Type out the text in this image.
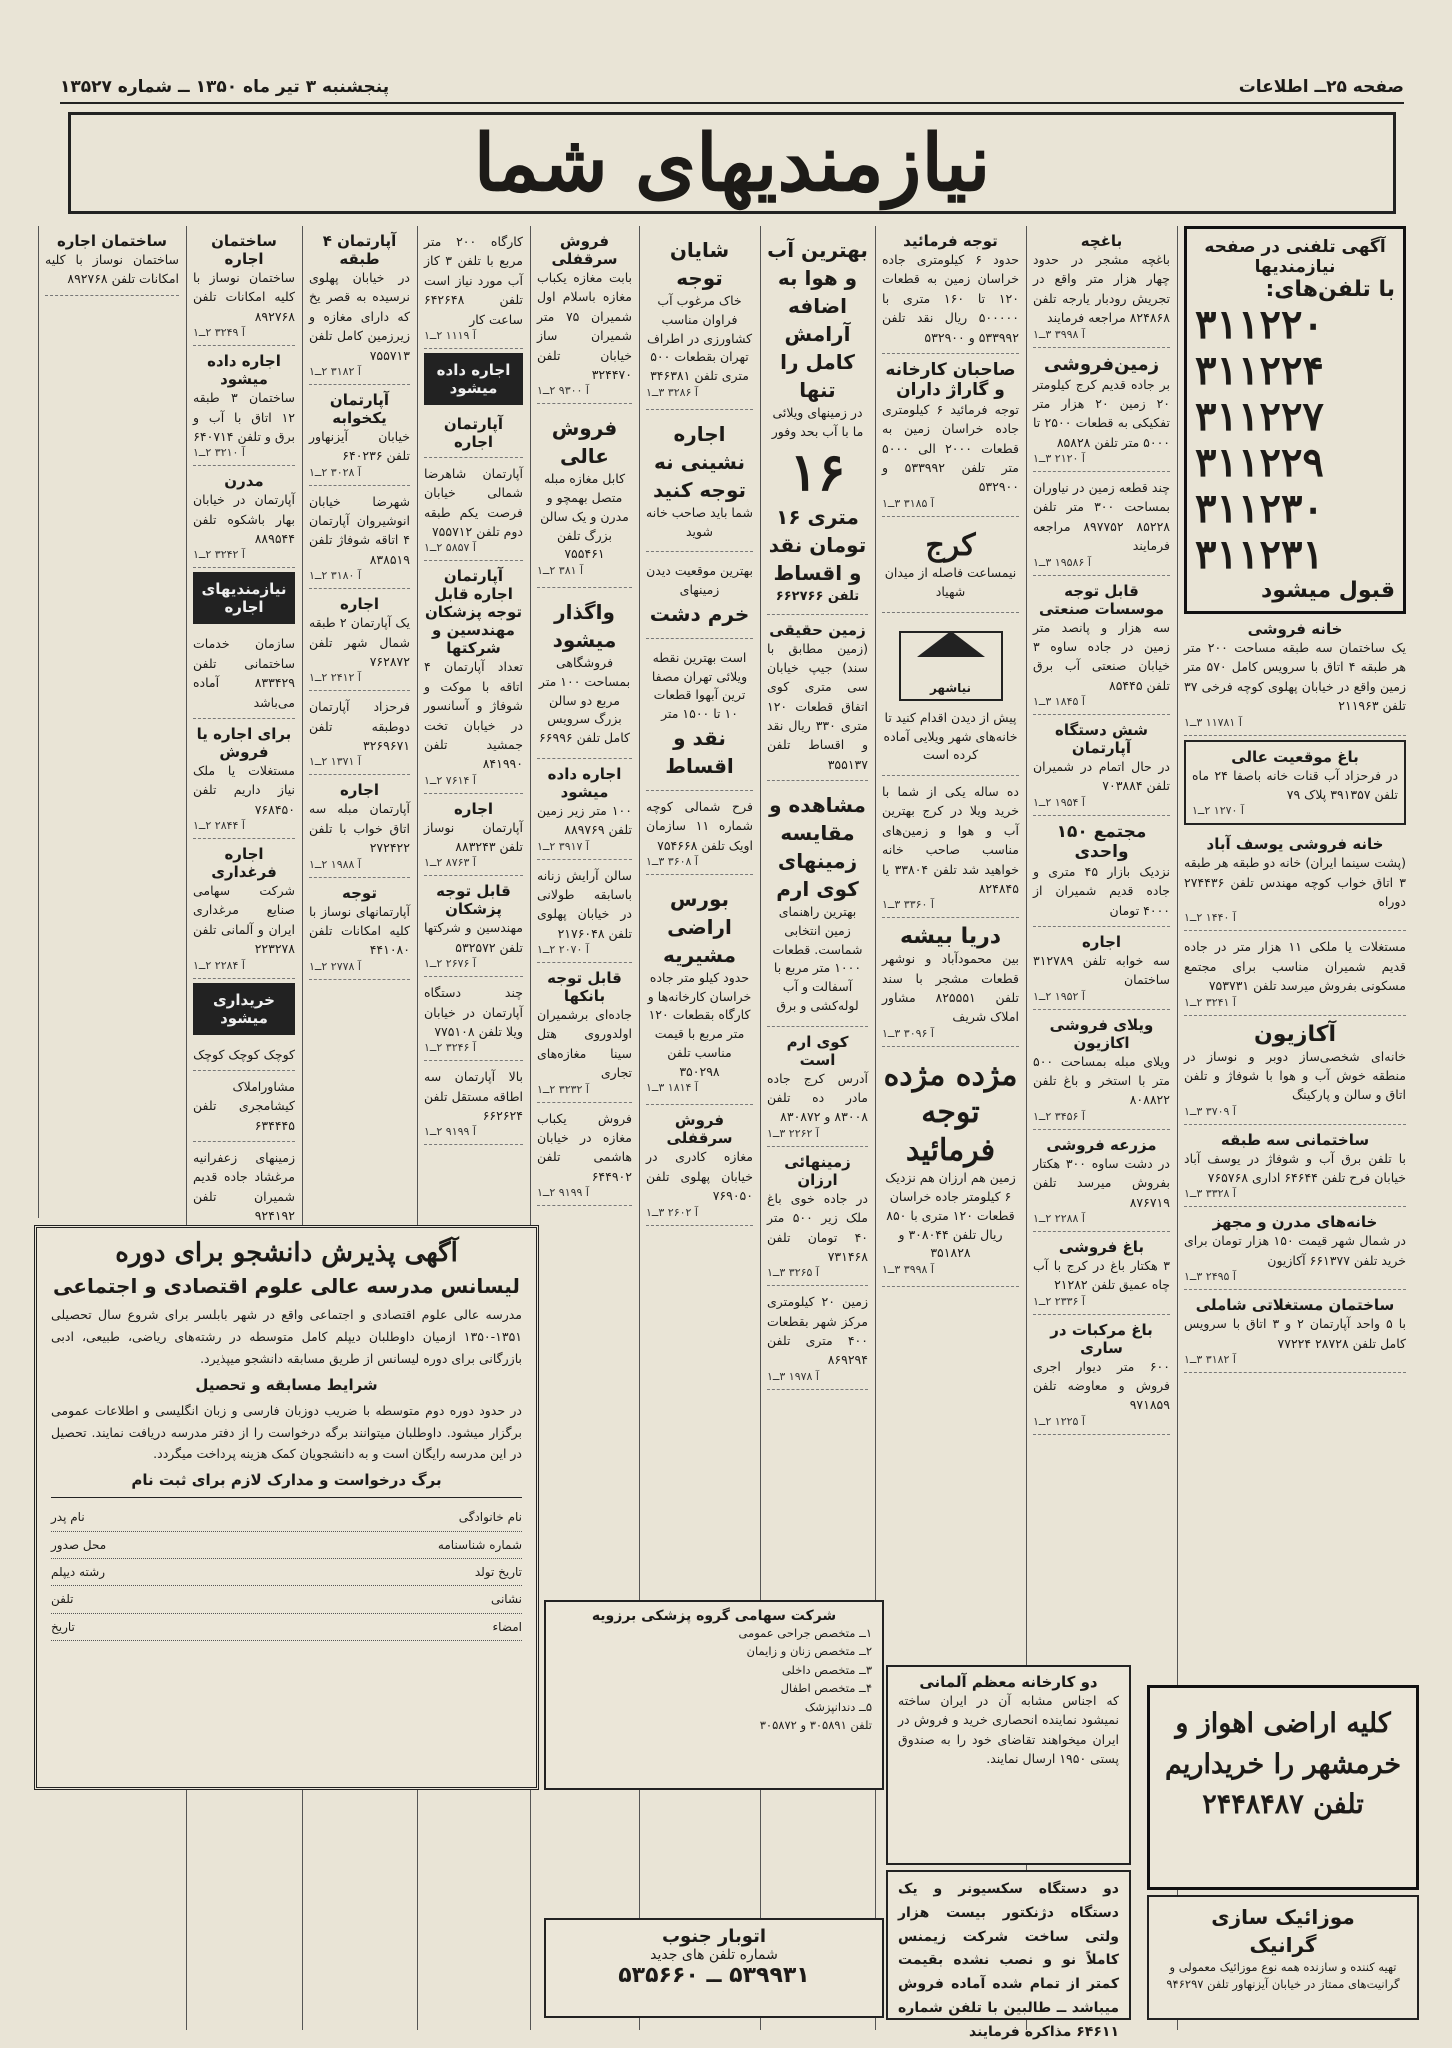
صفحه ۲۵ــ اطلاعات
پنجشنبه ۳ تیر ماه ۱۳۵۰ ــ شماره ۱۳۵۲۷
نیازمندیهای شما
آگهی تلفنی در صفحه نیازمندیها
با تلفن‌های:
۳۱۱۲۲۰
۳۱۱۲۲۴
۳۱۱۲۲۷
۳۱۱۲۲۹
۳۱۱۲۳۰
۳۱۱۲۳۱
قبول میشود
خانه فروشی
یک ساختمان سه طبقه مساحت ۲۰۰ متر هر طبقه ۴ اتاق با سرویس کامل ۵۷۰ متر زمین واقع در خیابان پهلوی کوچه فرخی ۳۷ تلفن ۲۱۱۹۶۳
آ ۱۱۷۸۱ ۳ــ۱
باغ موقعیت عالی
در فرحزاد آب قنات خانه باصفا ۲۴ ماه تلفن ۳۹۱۳۵۷ پلاک ۷۹
آ ۱۲۷۰ ۲ــ۱
خانه فروشی یوسف آباد
(پشت سینما ایران) خانه دو طبقه هر طبقه ۳ اتاق خواب کوچه مهندس تلفن ۲۷۴۴۳۶ دوراه
آ ۱۴۴۰ ۲ــ۱
مستغلات یا ملکی ۱۱ هزار متر در جاده قدیم شمیران مناسب برای مجتمع مسکونی بفروش میرسد تلفن ۷۵۳۷۳۱
آ ۳۲۴۱ ۲ــ۱
آکازیون
خانه‌ای شخصی‌ساز دوبر و نوساز در منطقه خوش آب و هوا با شوفاژ و تلفن اتاق و سالن و پارکینگ
آ ۳۷۰۹ ۳ــ۱
ساختمانی سه طبقه
با تلفن برق آب و شوفاژ در یوسف آباد خیابان فرح تلفن ۶۴۶۴۴ اداری ۷۶۵۷۶۸
آ ۳۳۲۸ ۳ــ۱
خانه‌های مدرن و مجهز
در شمال شهر قیمت ۱۵۰ هزار تومان برای خرید تلفن ۶۶۱۳۷۷ آکازیون
آ ۲۴۹۵ ۳ــ۱
ساختمان مستغلاتی شاملی
با ۵ واحد آپارتمان ۲ و ۳ اتاق با سرویس کامل تلفن ۲۸۷۲۸ ۷۷۲۲۴
آ ۳۱۸۲ ۳ــ۱
باغچه
باغچه مشجر در حدود چهار هزار متر واقع در تجریش رودبار یارجه تلفن ۸۲۴۸۶۸ مراجعه فرمایند
آ ۳۹۹۸ ۳ــ۱
زمین‌فروشی
بر جاده قدیم کرج کیلومتر ۲۰ زمین ۲۰ هزار متر تفکیکی به قطعات ۲۵۰۰ تا ۵۰۰۰ متر تلفن ۸۵۸۲۸
آ ۲۱۲۰ ۳ــ۱
چند قطعه زمین در نیاوران بمساحت ۳۰۰ متر تلفن ۸۵۲۲۸ ۸۹۷۷۵۲ مراجعه فرمایند
آ ۱۹۵۸۶ ۳ــ۱
قابل توجه موسسات صنعتی
سه هزار و پانصد متر زمین در جاده ساوه ۳ خیابان صنعتی آب برق تلفن ۸۵۴۴۵
آ ۱۸۴۵ ۳ــ۱
شش دستگاه آپارتمان
در حال اتمام در شمیران تلفن ۷۰۳۸۸۴
آ ۱۹۵۴ ۲ــ۱
مجتمع ۱۵۰ واحدی
نزدیک بازار ۴۵ متری و جاده قدیم شمیران از ۴۰۰۰ تومان
اجاره
سه خوابه تلفن ۳۱۲۷۸۹ ساختمان
آ ۱۹۵۲ ۲ــ۱
ویلای فروشی اکازیون
ویلای مبله بمساحت ۵۰۰ متر با استخر و باغ تلفن ۸۰۸۸۲۲
آ ۳۴۵۶ ۲ــ۱
مزرعه فروشی
در دشت ساوه ۳۰۰ هکتار بفروش میرسد تلفن ۸۷۶۷۱۹
آ ۲۲۸۸ ۲ــ۱
باغ فروشی
۳ هکتار باغ در کرج با آب چاه عمیق تلفن ۲۱۲۸۲
آ ۲۳۳۶ ۲ــ۱
باغ مرکبات در ساری
۶۰۰ متر دیوار اجری فروش و معاوضه تلفن ۹۷۱۸۵۹
آ ۱۲۲۵ ۲ــ۱
توجه فرمائید
حدود ۶ کیلومتری جاده خراسان زمین به قطعات ۱۲۰ تا ۱۶۰ متری با ۵۰۰۰۰۰ ریال نقد تلفن ۵۳۳۹۹۲ و ۵۳۲۹۰۰
صاحبان کارخانه و گاراژ داران
توجه فرمائید ۶ کیلومتری جاده خراسان زمین به قطعات ۲۰۰۰ الی ۵۰۰۰ متر تلفن ۵۳۳۹۹۲ و ۵۳۲۹۰۰
آ ۳۱۸۵ ۳ــ۱
کرج
نیمساعت فاصله از میدان شهیاد
نیاشهر
پیش از دیدن اقدام کنید تا خانه‌های شهر ویلایی آماده کرده است
ده ساله یکی از شما با خرید ویلا در کرج بهترین آب و هوا و زمین‌های مناسب صاحب خانه خواهید شد تلفن ۳۳۸۰۴ یا ۸۲۴۸۴۵
آ ۳۳۶۰ ۳ــ۱
دریا بیشه
بین محمودآباد و نوشهر قطعات مشجر با سند تلفن ۸۲۵۵۵۱ مشاور املاک شریف
آ ۳۰۹۶ ۳ــ۱
مژده مژده توجه فرمائید
زمین هم ارزان هم نزدیک ۶ کیلومتر جاده خراسان قطعات ۱۲۰ متری با ۸۵۰ ریال تلفن ۳۰۸۰۴۴ و ۳۵۱۸۲۸
آ ۳۹۹۸ ۳ــ۱
بهترین آب و هوا به اضافه آرامش کامل را تنها
در زمینهای ویلائی ما با آب بحد وفور
۱۶
متری ۱۶ تومان نقد و اقساط
تلفن ۶۶۲۷۶۶
زمین حقیقی
(زمین مطابق با سند) جیپ خیابان سی متری کوی اتفاق قطعات ۱۲۰ متری ۳۳۰ ریال نقد و اقساط تلفن ۳۵۵۱۳۷
مشاهده و مقایسه زمینهای کوی ارم
بهترین راهنمای زمین انتخابی شماست. قطعات ۱۰۰۰ متر مربع با آسفالت و آب لوله‌کشی و برق
کوی ارم است
آدرس کرج جاده مادر ده تلفن ۸۳۰۰۸ و ۸۳۰۸۷۲
آ ۲۲۶۲ ۳ــ۱
زمینهائی ارزان
در جاده خوی باغ ملک زیر ۵۰۰ متر ۴۰ تومان تلفن ۷۳۱۴۶۸
آ ۳۲۶۵ ۳ــ۱
زمین ۲۰ کیلومتری مرکز شهر بقطعات ۴۰۰ متری تلفن ۸۶۹۲۹۴
آ ۱۹۷۸ ۳ــ۱
شایان توجه
خاک مرغوب آب فراوان مناسب کشاورزی در اطراف تهران بقطعات ۵۰۰ متری تلفن ۳۴۶۳۸۱
آ ۳۲۸۶ ۳ــ۱
اجاره نشینی نه توجه کنید
شما باید صاحب خانه شوید
بهترین موقعیت دیدن زمینهای
خرم دشت
است بهترین نقطه ویلائی تهران مصفا ترین آبهوا قطعات ۱۰ تا ۱۵۰۰ متر
نقد و اقساط
فرح شمالی کوچه شماره ۱۱ سازمان اویک تلفن ۷۵۴۶۶۸
آ ۳۶۰۸ ۳ــ۱
بورس اراضی مشیریه
حدود کیلو متر جاده خراسان کارخانه‌ها و کارگاه بقطعات ۱۲۰ متر مربع با قیمت مناسب تلفن ۳۵۰۲۹۸
آ ۱۸۱۴ ۳ــ۱
فروش سرقفلی
مغازه کادری در خیابان پهلوی تلفن ۷۶۹۰۵۰
آ ۲۶۰۲ ۳ــ۱
فروش سرقفلی
بابت مغازه یکباب مغازه باسلام اول شمیران ۷۵ متر شمیران ساز خیابان تلفن ۳۲۴۴۷۰
آ ۹۳۰۰ ۲ــ۱
فروش عالی
کابل مغازه مبله متصل بهمچو و مدرن و یک سالن بزرگ تلفن ۷۵۵۴۶۱
آ ۳۸۱ ۲ــ۱
واگذار میشود
فروشگاهی بمساحت ۱۰۰ متر مربع دو سالن بزرگ سرویس کامل تلفن ۶۶۹۹۶
اجاره داده میشود
۱۰۰ متر زیر زمین تلفن ۸۸۹۷۶۹
آ ۳۹۱۷ ۲ــ۱
سالن آرایش زنانه باسابقه طولانی در خیابان پهلوی تلفن ۲۱۷۶۰۴۸
آ ۲۰۷۰ ۲ــ۱
قابل توجه بانکها
جاده‌ای برشمیران اولدوروی هتل سینا مغازه‌های تجاری
آ ۳۲۳۲ ۲ــ۱
فروش یکباب مغازه در خیابان هاشمی تلفن ۶۴۴۹۰۲
آ ۹۱۹۹ ۲ــ۱
کارگاه ۲۰۰ متر مربع با تلفن ۳ کاز آب مورد نیاز است تلفن ۶۴۲۶۴۸ ساعت کار
آ ۱۱۱۹ ۲ــ۱
اجاره داده میشود
آپارتمان اجاره
آپارتمان شاهرضا شمالی خیابان فرصت یکم طبقه دوم تلفن ۷۵۵۷۱۲
آ ۵۸۵۷ ۲ــ۱
آپارتمان اجاره قابل توجه پزشکان مهندسین و شرکتها
تعداد آپارتمان ۴ اتاقه با موکت و شوفاژ و آسانسور در خیابان تخت جمشید تلفن ۸۴۱۹۹۰
آ ۷۶۱۴ ۲ــ۱
اجاره
آپارتمان نوساز تلفن ۸۸۳۲۴۳
آ ۸۷۶۳ ۲ــ۱
قابل توجه پزشکان
مهندسین و شرکتها تلفن ۵۳۲۵۷۲
آ ۲۶۷۶ ۲ــ۱
چند دستگاه آپارتمان در خیابان ویلا تلفن ۷۷۵۱۰۸
آ ۳۲۴۶ ۲ــ۱
بالا آپارتمان سه اطاقه مستقل تلفن ۶۶۲۶۲۴
آ ۹۱۹۹ ۲ــ۱
آپارتمان ۴ طبقه
در خیابان پهلوی نرسیده به قصر یخ که دارای مغازه و زیرزمین کامل تلفن ۷۵۵۷۱۳
آ ۳۱۸۲ ۲ــ۱
آپارتمان یکخوابه
خیابان آیزنهاور تلفن ۶۴۰۲۳۶
آ ۳۰۲۸ ۲ــ۱
شهرضا خیابان انوشیروان آپارتمان ۴ اتاقه شوفاژ تلفن ۸۳۸۵۱۹
آ ۳۱۸۰ ۲ــ۱
اجاره
یک آپارتمان ۲ طبقه شمال شهر تلفن ۷۶۲۸۷۲
آ ۲۴۱۲ ۲ــ۱
فرحزاد آپارتمان دوطبقه تلفن ۳۲۶۹۶۷۱
آ ۱۳۷۱ ۲ــ۱
اجاره
آپارتمان مبله سه اتاق خواب با تلفن ۲۷۲۴۲۲
آ ۱۹۸۸ ۲ــ۱
توجه
آپارتمانهای نوساز با کلیه امکانات تلفن ۴۴۱۰۸۰
آ ۲۷۷۸ ۲ــ۱
ساختمان اجاره
ساختمان نوساز با کلیه امکانات تلفن ۸۹۲۷۶۸
آ ۳۲۴۹ ۲ــ۱
اجاره داده میشود
ساختمان ۳ طبقه ۱۲ اتاق با آب و برق و تلفن ۶۴۰۷۱۴
آ ۳۲۱۰ ۲ــ۱
مدرن
آپارتمان در خیابان بهار باشکوه تلفن ۸۸۹۵۴۴
آ ۳۲۴۲ ۲ــ۱
نیازمندیهای اجاره
سازمان خدمات ساختمانی تلفن ۸۳۳۴۲۹ آماده می‌باشد
برای اجاره یا فروش
مستغلات یا ملک نیاز داریم تلفن ۷۶۸۴۵۰
آ ۲۸۴۴ ۲ــ۱
اجاره فرغداری
شرکت سهامی صنایع مرغداری ایران و آلمانی تلفن ۲۲۳۲۷۸
آ ۲۲۸۴ ۲ــ۱
خریداری میشود
کوچک کوچک کوچک
مشاوراملاک کیشامجری تلفن ۶۳۴۴۴۵
زمینهای زعفرانیه مرغشاد جاده قدیم شمیران تلفن ۹۲۴۱۹۲
ساختمان اجاره
ساختمان نوساز با کلیه امکانات تلفن ۸۹۲۷۶۸
آگهی پذیرش دانشجو برای دوره
لیسانس مدرسه عالی علوم اقتصادی و اجتماعی
مدرسه عالی علوم اقتصادی و اجتماعی واقع در شهر بابلسر برای شروع سال تحصیلی ۱۳۵۱-۱۳۵۰ ازمیان داوطلبان دیپلم کامل متوسطه در رشته‌های ریاضی، طبیعی، ادبی بازرگانی برای دوره لیسانس از طریق مسابقه دانشجو میپذیرد.
شرایط مسابقه و تحصیل
در حدود دوره دوم متوسطه با ضریب دوزبان فارسی و زبان انگلیسی و اطلاعات عمومی برگزار میشود. داوطلبان میتوانند برگه درخواست را از دفتر مدرسه دریافت نمایند. تحصیل در این مدرسه رایگان است و به دانشجویان کمک هزینه پرداخت میگردد.
برگ درخواست و مدارک لازم برای ثبت نام
نام خانوادگی
نام پدر
شماره شناسنامه
محل صدور
تاریخ تولد
رشته دیپلم
نشانی
تلفن
امضاء
تاریخ
شرکت سهامی گروه پزشکی برزویه
۱ــ متخصص جراحی عمومی
۲ــ متخصص زنان و زایمان
۳ــ متخصص داخلی
۴ــ متخصص اطفال
۵ــ دندانپزشک
تلفن ۳۰۵۸۹۱ و ۳۰۵۸۷۲
اتوبار جنوب
شماره تلفن های جدید
۵۳۹۹۳۱ ــ ۵۳۵۶۶۰
دو کارخانه معظم آلمانی
که اجناس مشابه آن در ایران ساخته نمیشود نماینده انحصاری خرید و فروش در ایران میخواهند تقاضای خود را به صندوق پستی ۱۹۵۰ ارسال نمایند.
دو دستگاه سکسیونر و یک دستگاه دژنکتور بیست هزار ولتی ساخت شرکت زیمنس کاملاً نو و نصب نشده بقیمت کمتر از تمام شده آماده فروش میباشد ــ طالبین با تلفن شماره ۶۴۶۱۱ مذاکره فرمایند
کلیه اراضی اهواز و
خرمشهر را خریداریم
تلفن ۲۴۴۸۴۸۷
موزائیک سازی
گرانیک
تهیه کننده و سازنده همه نوع موزائیک معمولی و گرانیت‌های ممتاز در خیابان آیزنهاور تلفن ۹۴۶۲۹۷
